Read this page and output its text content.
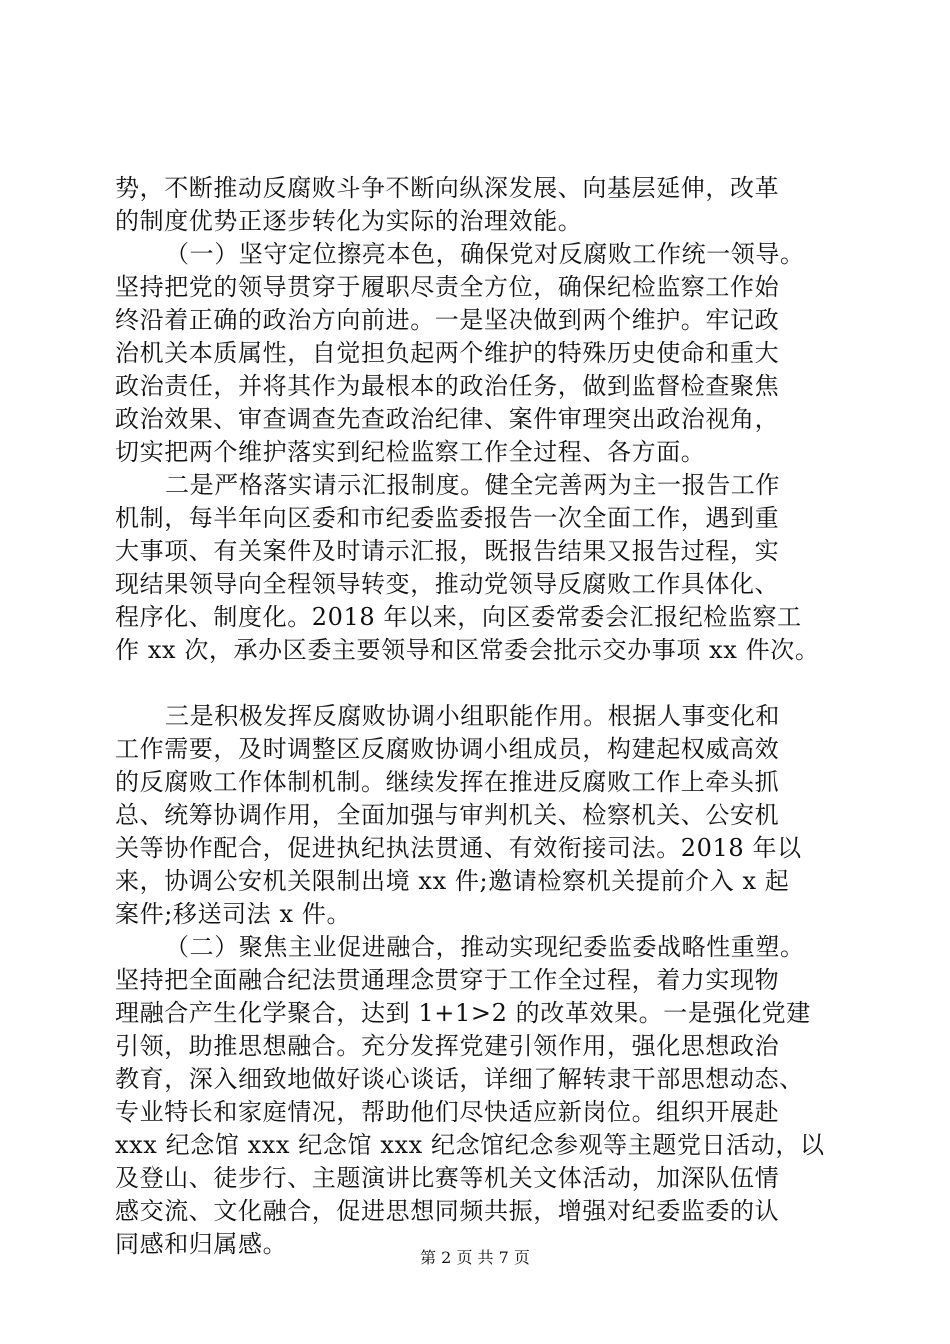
势，不断推动反腐败斗争不断向纵深发展、向基层延伸，改革
的制度优势正逐步转化为实际的治理效能。
（一）坚守定位擦亮本色，确保党对反腐败工作统一领导。
坚持把党的领导贯穿于履职尽责全方位，确保纪检监察工作始
终沿着正确的政治方向前进。一是坚决做到两个维护。牢记政
治机关本质属性，自觉担负起两个维护的特殊历史使命和重大
政治责任，并将其作为最根本的政治任务，做到监督检查聚焦
政治效果、审查调查先查政治纪律、案件审理突出政治视角，
切实把两个维护落实到纪检监察工作全过程、各方面。
二是严格落实请示汇报制度。健全完善两为主一报告工作
机制，每半年向区委和市纪委监委报告一次全面工作，遇到重
大事项、有关案件及时请示汇报，既报告结果又报告过程，实
现结果领导向全程领导转变，推动党领导反腐败工作具体化、
程序化、制度化。2018 年以来，向区委常委会汇报纪检监察工
作 xx 次，承办区委主要领导和区常委会批示交办事项 xx 件次。
三是积极发挥反腐败协调小组职能作用。根据人事变化和
工作需要，及时调整区反腐败协调小组成员，构建起权威高效
的反腐败工作体制机制。继续发挥在推进反腐败工作上牵头抓
总、统筹协调作用，全面加强与审判机关、检察机关、公安机
关等协作配合，促进执纪执法贯通、有效衔接司法。2018 年以
来，协调公安机关限制出境 xx 件;邀请检察机关提前介入 x 起
案件;移送司法 x 件。
（二）聚焦主业促进融合，推动实现纪委监委战略性重塑。
坚持把全面融合纪法贯通理念贯穿于工作全过程，着力实现物
理融合产生化学聚合，达到 1+1>2 的改革效果。一是强化党建
引领，助推思想融合。充分发挥党建引领作用，强化思想政治
教育，深入细致地做好谈心谈话，详细了解转隶干部思想动态、
专业特长和家庭情况，帮助他们尽快适应新岗位。组织开展赴
xxx 纪念馆 xxx 纪念馆 xxx 纪念馆纪念参观等主题党日活动，以
及登山、徒步行、主题演讲比赛等机关文体活动，加深队伍情
感交流、文化融合，促进思想同频共振，增强对纪委监委的认
同感和归属感。	第 2 页 共 7 页
